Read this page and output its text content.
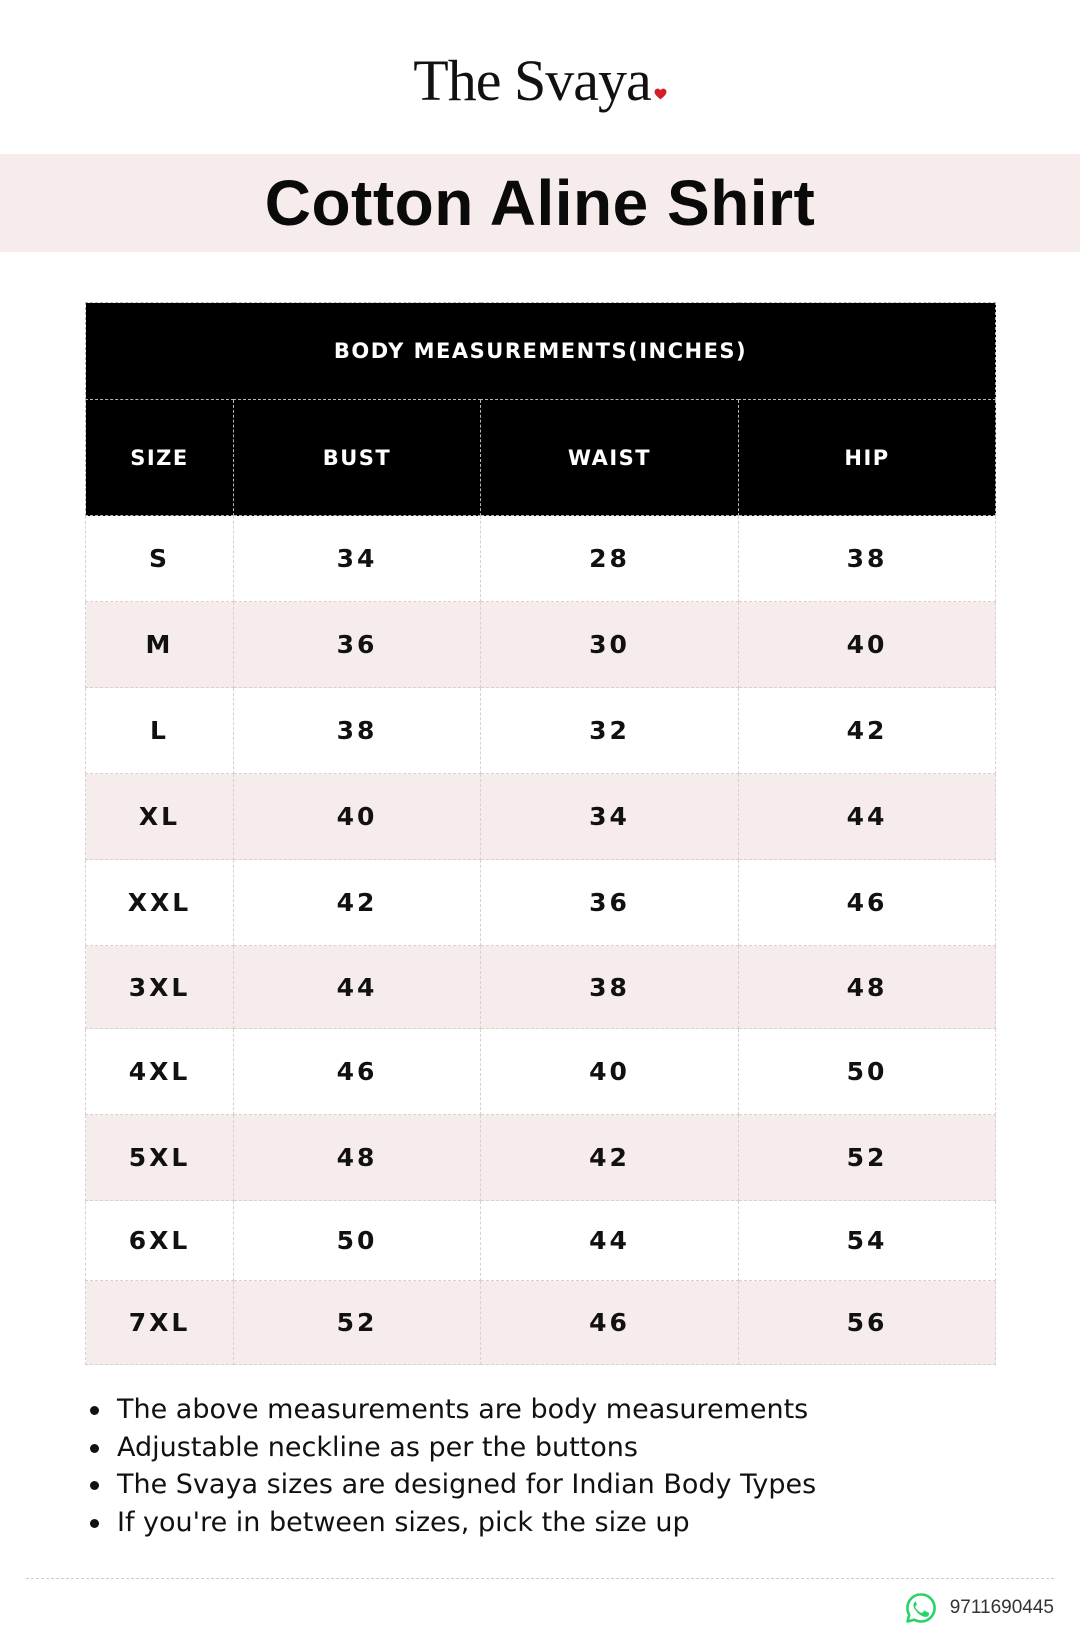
The Svaya
Cotton Aline Shirt
BODY MEASUREMENTS(INCHES)			
SIZE	BUST	WAIST	HIP
S	34	28	38
M	36	30	40
L	38	32	42
XL	40	34	44
XXL	42	36	46
3XL	44	38	48
4XL	46	40	50
5XL	48	42	52
6XL	50	44	54
7XL	52	46	56
The above measurements are body measurements
Adjustable neckline as per the buttons
The Svaya sizes are designed for Indian Body Types
If you're in between sizes, pick the size up
9711690445
